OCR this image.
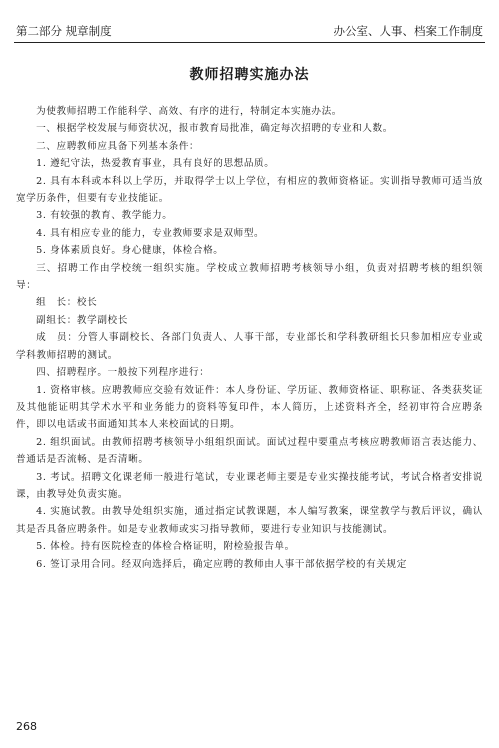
第二部分 规章制度	办公室、人事、档案工作制度
教师招聘实施办法

为使教师招聘工作能科学、高效、有序的进行，特制定本实施办法。

一、根据学校发展与师资状况，报市教育局批准，确定每次招聘的专业和人数。

二、应聘教师应具备下列基本条件：

1. 遵纪守法，热爱教育事业，具有良好的思想品质。

2. 具有本科或本科以上学历，并取得学士以上学位，有相应的教师资格证。实训指导教师可适当放宽学历条件，但要有专业技能证。

3. 有较强的教育、教学能力。

4. 具有相应专业的能力，专业教师要求是双师型。

5. 身体素质良好。身心健康，体检合格。

三、招聘工作由学校统一组织实施。学校成立教师招聘考核领导小组，负责对招聘考核的组织领导：

组　长：校长

副组长：教学副校长

成　员：分管人事副校长、各部门负责人、人事干部，专业部长和学科教研组长只参加相应专业或学科教师招聘的测试。

四、招聘程序。一般按下列程序进行：

1. 资格审核。应聘教师应交验有效证件：本人身份证、学历证、教师资格证、职称证、各类获奖证及其他能证明其学术水平和业务能力的资料等复印件，本人简历，上述资料齐全，经初审符合应聘条件，即以电话或书面通知其本人来校面试的日期。

2. 组织面试。由教师招聘考核领导小组组织面试。面试过程中要重点考核应聘教师语言表达能力、普通话是否流畅、是否清晰。

3. 考试。招聘文化课老师一般进行笔试，专业课老师主要是专业实操技能考试，考试合格者安排说课，由教导处负责实施。

4. 实施试教。由教导处组织实施，通过指定试教课题，本人编写教案，课堂教学与教后评议，确认其是否具备应聘条件。如是专业教师或实习指导教师，要进行专业知识与技能测试。

5. 体检。持有医院检查的体检合格证明，附检验报告单。

6. 签订录用合同。经双向选择后，确定应聘的教师由人事干部依据学校的有关规定

268
